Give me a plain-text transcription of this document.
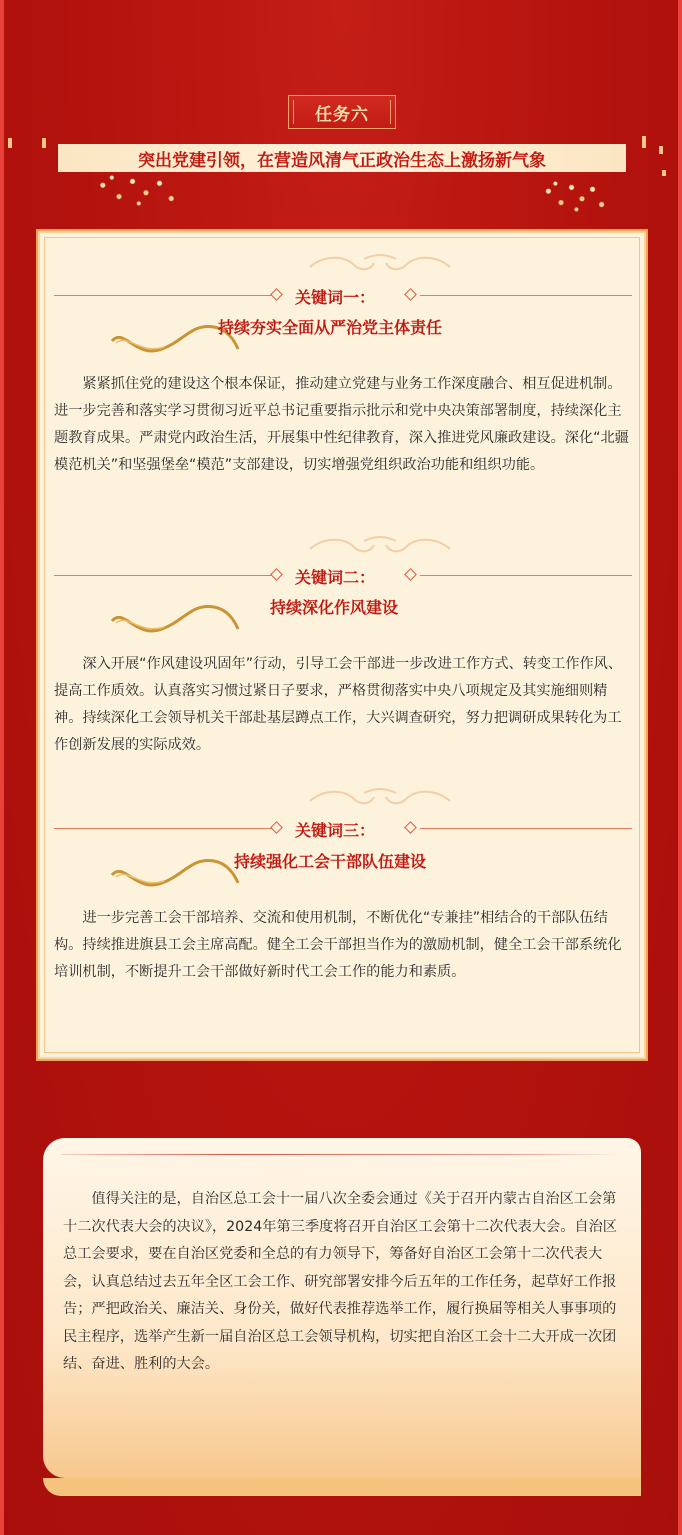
任务六
突出党建引领，在营造风清气正政治生态上激扬新气象
关键词一：
持续夯实全面从严治党主体责任

紧紧抓住党的建设这个根本保证，推动建立党建与业务工作深度融合、相互促进机制。进一步完善和落实学习贯彻习近平总书记重要指示批示和党中央决策部署制度，持续深化主题教育成果。严肃党内政治生活，开展集中性纪律教育，深入推进党风廉政建设。深化“北疆模范机关”和坚强堡垒“模范”支部建设，切实增强党组织政治功能和组织功能。

关键词二：
持续深化作风建设

深入开展“作风建设巩固年”行动，引导工会干部进一步改进工作方式、转变工作作风、提高工作质效。认真落实习惯过紧日子要求，严格贯彻落实中央八项规定及其实施细则精神。持续深化工会领导机关干部赴基层蹲点工作，大兴调查研究，努力把调研成果转化为工作创新发展的实际成效。

关键词三：
持续强化工会干部队伍建设

进一步完善工会干部培养、交流和使用机制，不断优化“专兼挂”相结合的干部队伍结构。持续推进旗县工会主席高配。健全工会干部担当作为的激励机制，健全工会干部系统化培训机制，不断提升工会干部做好新时代工会工作的能力和素质。

值得关注的是，自治区总工会十一届八次全委会通过《关于召开内蒙古自治区工会第十二次代表大会的决议》，2024年第三季度将召开自治区工会第十二次代表大会。自治区总工会要求，要在自治区党委和全总的有力领导下，筹备好自治区工会第十二次代表大会，认真总结过去五年全区工会工作、研究部署安排今后五年的工作任务，起草好工作报告；严把政治关、廉洁关、身份关，做好代表推荐选举工作，履行换届等相关人事事项的民主程序，选举产生新一届自治区总工会领导机构，切实把自治区工会十二大开成一次团结、奋进、胜利的大会。
